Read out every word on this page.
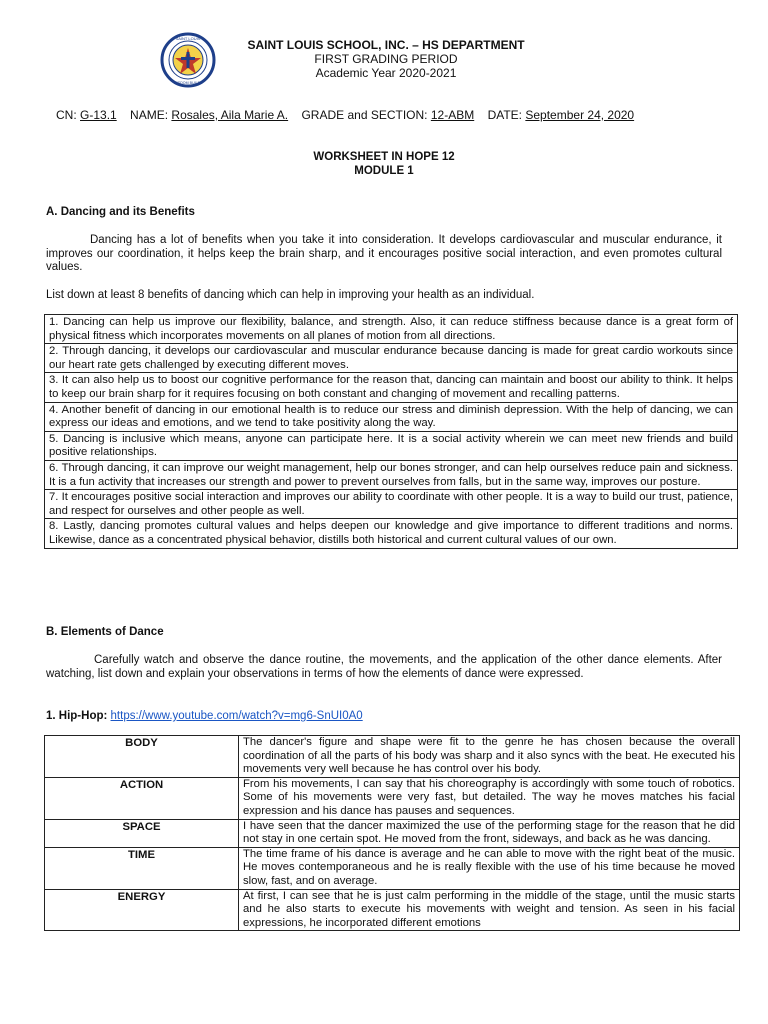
SAINT LOUIS
WISDOM BUILDS
SAINT LOUIS SCHOOL, INC. – HS DEPARTMENT
FIRST GRADING PERIOD
Academic Year 2020-2021
CN: G-13.1 NAME: Rosales, Aila Marie A. GRADE and SECTION: 12-ABM DATE: September 24, 2020
WORKSHEET IN HOPE 12
MODULE 1
A. Dancing and its Benefits
Dancing has a lot of benefits when you take it into consideration. It develops cardiovascular and muscular endurance, it improves our coordination, it helps keep the brain sharp, and it encourages positive social interaction, and even promotes cultural values.
List down at least 8 benefits of dancing which can help in improving your health as an individual.
1. Dancing can help us improve our flexibility, balance, and strength. Also, it can reduce stiffness because dance is a great form of physical fitness which incorporates movements on all planes of motion from all directions.
2. Through dancing, it develops our cardiovascular and muscular endurance because dancing is made for great cardio workouts since our heart rate gets challenged by executing different moves.
3. It can also help us to boost our cognitive performance for the reason that, dancing can maintain and boost our ability to think. It helps to keep our brain sharp for it requires focusing on both constant and changing of movement and recalling patterns.
4. Another benefit of dancing in our emotional health is to reduce our stress and diminish depression. With the help of dancing, we can express our ideas and emotions, and we tend to take positivity along the way.
5. Dancing is inclusive which means, anyone can participate here. It is a social activity wherein we can meet new friends and build positive relationships.
6. Through dancing, it can improve our weight management, help our bones stronger, and can help ourselves reduce pain and sickness. It is a fun activity that increases our strength and power to prevent ourselves from falls, but in the same way, improves our posture.
7. It encourages positive social interaction and improves our ability to coordinate with other people. It is a way to build our trust, patience, and respect for ourselves and other people as well.
8. Lastly, dancing promotes cultural values and helps deepen our knowledge and give importance to different traditions and norms. Likewise, dance as a concentrated physical behavior, distills both historical and current cultural values of our own.
B. Elements of Dance
Carefully watch and observe the dance routine, the movements, and the application of the other dance elements. After watching, list down and explain your observations in terms of how the elements of dance were expressed.
1. Hip-Hop: https://www.youtube.com/watch?v=mg6-SnUI0A0
BODY	The dancer's figure and shape were fit to the genre he has chosen because the overall coordination of all the parts of his body was sharp and it also syncs with the beat. He executed his movements very well because he has control over his body.
ACTION	From his movements, I can say that his choreography is accordingly with some touch of robotics. Some of his movements were very fast, but detailed. The way he moves matches his facial expression and his dance has pauses and sequences.
SPACE	I have seen that the dancer maximized the use of the performing stage for the reason that he did not stay in one certain spot. He moved from the front, sideways, and back as he was dancing.
TIME	The time frame of his dance is average and he can able to move with the right beat of the music. He moves contemporaneous and he is really flexible with the use of his time because he moved slow, fast, and on average.
ENERGY	At first, I can see that he is just calm performing in the middle of the stage, until the music starts and he also starts to execute his movements with weight and tension. As seen in his facial expressions, he incorporated different emotions
